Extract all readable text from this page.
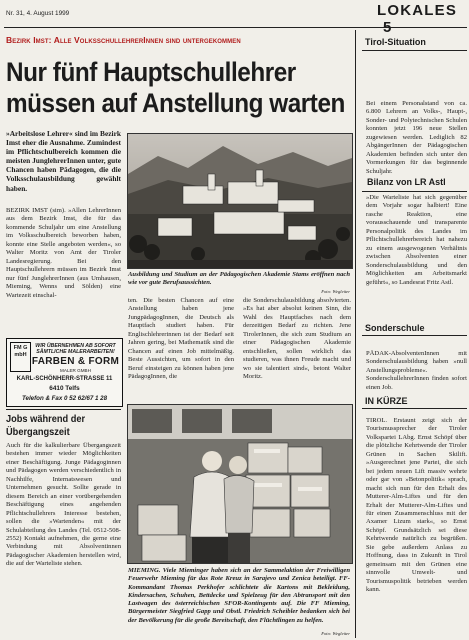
Nr. 31, 4. August 1999	LOKALES
Bezirk Imst: Alle VolksschullehrerInnen sind untergekommen
Nur fünf Hauptschullehrer
müssen auf Anstellung warten

»Arbeitslose Lehrer« sind im Bezirk Imst eher die Ausnahme. Zumindest im Pflichtschulbereich kommen die meisten JunglehrerInnen unter, gute Chancen haben Pädagogen, die die Volksschulausbildung gewählt haben.

BEZIRK IMST (sim). »Allen LehrerInnen aus dem Bezirk Imst, die für das kommende Schuljahr um eine Anstellung im Volksschulbereich beworben haben, konnte eine Stelle angeboten werden«, so Walter Moritz von Amt der Tiroler Landesregierung. Bei den Hauptschullehrern müssen im Bezirk Imst nur fünf JunglehrerInnen (aus Umhausen, Mieming, Wenns und Sölden) eine Wartezeit einschal-

Ausbildung und Studium an der Pädagogischen Akademie Stams eröffnen nach wie vor gute Berufsaussichten.

Foto: Wegleiter

ten. Die besten Chancen auf eine Anstellung haben jene JungpädagogInnen, die Deutsch als Hauptfach studiert haben. Für Englischlehrerinnen ist der Bedarf seit Jahren gering, bei Mathematik sind die Chancen auf einen Job mittelmäßig. Beste Aussichten, um sofort in den Beruf einsteigen zu können haben jene PädagogInnen, die

die Sonderschulausbildung absolvierten. »Es hat aber absolut keinen Sinn, die Wahl des Hauptfaches nach dem derzeitigen Bedarf zu richten. Jene TirolerInnen, die sich zum Studium an einer Pädagogischen Akademie entschließen, sollen wirklich das studieren, was ihnen Freude macht und wo sie talentiert sind«, betont Walter Moritz.

FM GmbH
WIR ÜBERNEHMEN AB SOFORT
SÄMTLICHE MALERARBEITEN!
FARBEN & FORM
MALER GMBH
KARL-SCHÖNHERR-STRASSE 11
6410 Telfs
Telefon & Fax 0 52 62/67 1 28
Jobs während der Übergangszeit

Auch für die kalkulierbare Übergangszeit bestehen immer wieder Möglichkeiten einer Beschäftigung. Junge Pädagoginnen und Pädagogen werden verschiedentlich in Nachhilfe, Internatswesen und Unternehmen gesucht. Sollte gerade in diesem Bereich an einer vorübergehenden Beschäftigung eines angehenden Pflichtschullehrers Interesse bestehen, sollen die »Wartenden« mit der Schulabteilung des Landes (Tel. 0512-508-2552) Kontakt aufnehmen, die gerne eine Verbindung mit Absolventinnen Pädagogischer Akademien herstellen wird, die auf der Warteliste stehen.

MIEMING. Viele Mieminger haben sich an der Sammelaktion der Freiwilligen Feuerwehr Mieming für das Rote Kreuz in Sarajevo und Zenica beteiligt. FF-Kommandant Thomas Perkhofer schlichtete die Kartons mit Bekleidung, Kindersachen, Schuhen, Bettdecke und Spielzeug für den Abtransport mit den Lastwagen des österreichischen SFOR-Kontingents auf. Die FF Mieming, Bürgermeister Siegfried Gapp und Obstl. Friedrich Scheibler bedanken sich bei der Bevölkerung für die große Bereitschaft, den Flüchtlingen zu helfen.

Foto: Wegleiter
Tirol-Situation

Bei einem Personalstand von ca. 6.800 Lehrern an Volks-, Haupt-, Sonder- und Polytechnischen Schulen konnten jetzt 196 neue Stellen zugewiesen werden. Lediglich 82 AbgängerInnen der Pädagogischen Akademien befinden sich unter den Vormerkungen für das beginnende Schuljahr.

Bilanz von LR Astl

»Die Warteliste hat sich gegenüber dem Vorjahr sogar halbiert! Eine rasche Reaktion, eine vorausschauende und transparente Personalpolitik des Landes im Pflichtschullehrerbereich hat nahezu zu einem ausgewogenen Verhältnis zwischen Absolventen einer Sonderschulausbildung und den Möglichkeiten am Arbeitsmarkt geführt«, so Landesrat Fritz Astl.

Sonderschule

PÄDAK-AbsolventenInnen mit Sonderschulausbildung haben »null Anstellungsprobleme«. SonderschullehrerInnen finden sofort einen Job.

IN KÜRZE

TIROL. Erstaunt zeigt sich der Tourismussprecher der Tiroler Volkspartei LAbg. Ernst Schöpf über die plötzliche Kehrtwende der Tiroler Grünen in Sachen Skilift. »Ausgerechnet jene Partei, die sich bei jedem neuen Lift massiv wehrte oder gar von »Betonpolitik« sprach, macht sich nun für den Erhalt des Mutterer-Alm-Liftes und für den Erhalt der Mutterer-Alm-Liftes und für einen Zusammenschluss mit der Axamer Lizum stark«, so Ernst Schöpf. Grundsätzlich sei diese Kehrtwende natürlich zu begrüßen. Sie gebe außerdem Anlass zu Hoffnung, dass in Zukunft in Tirol gemeinsam mit den Grünen eine sinnvolle Umwelt- und Tourismuspolitik betrieben werden kann.
